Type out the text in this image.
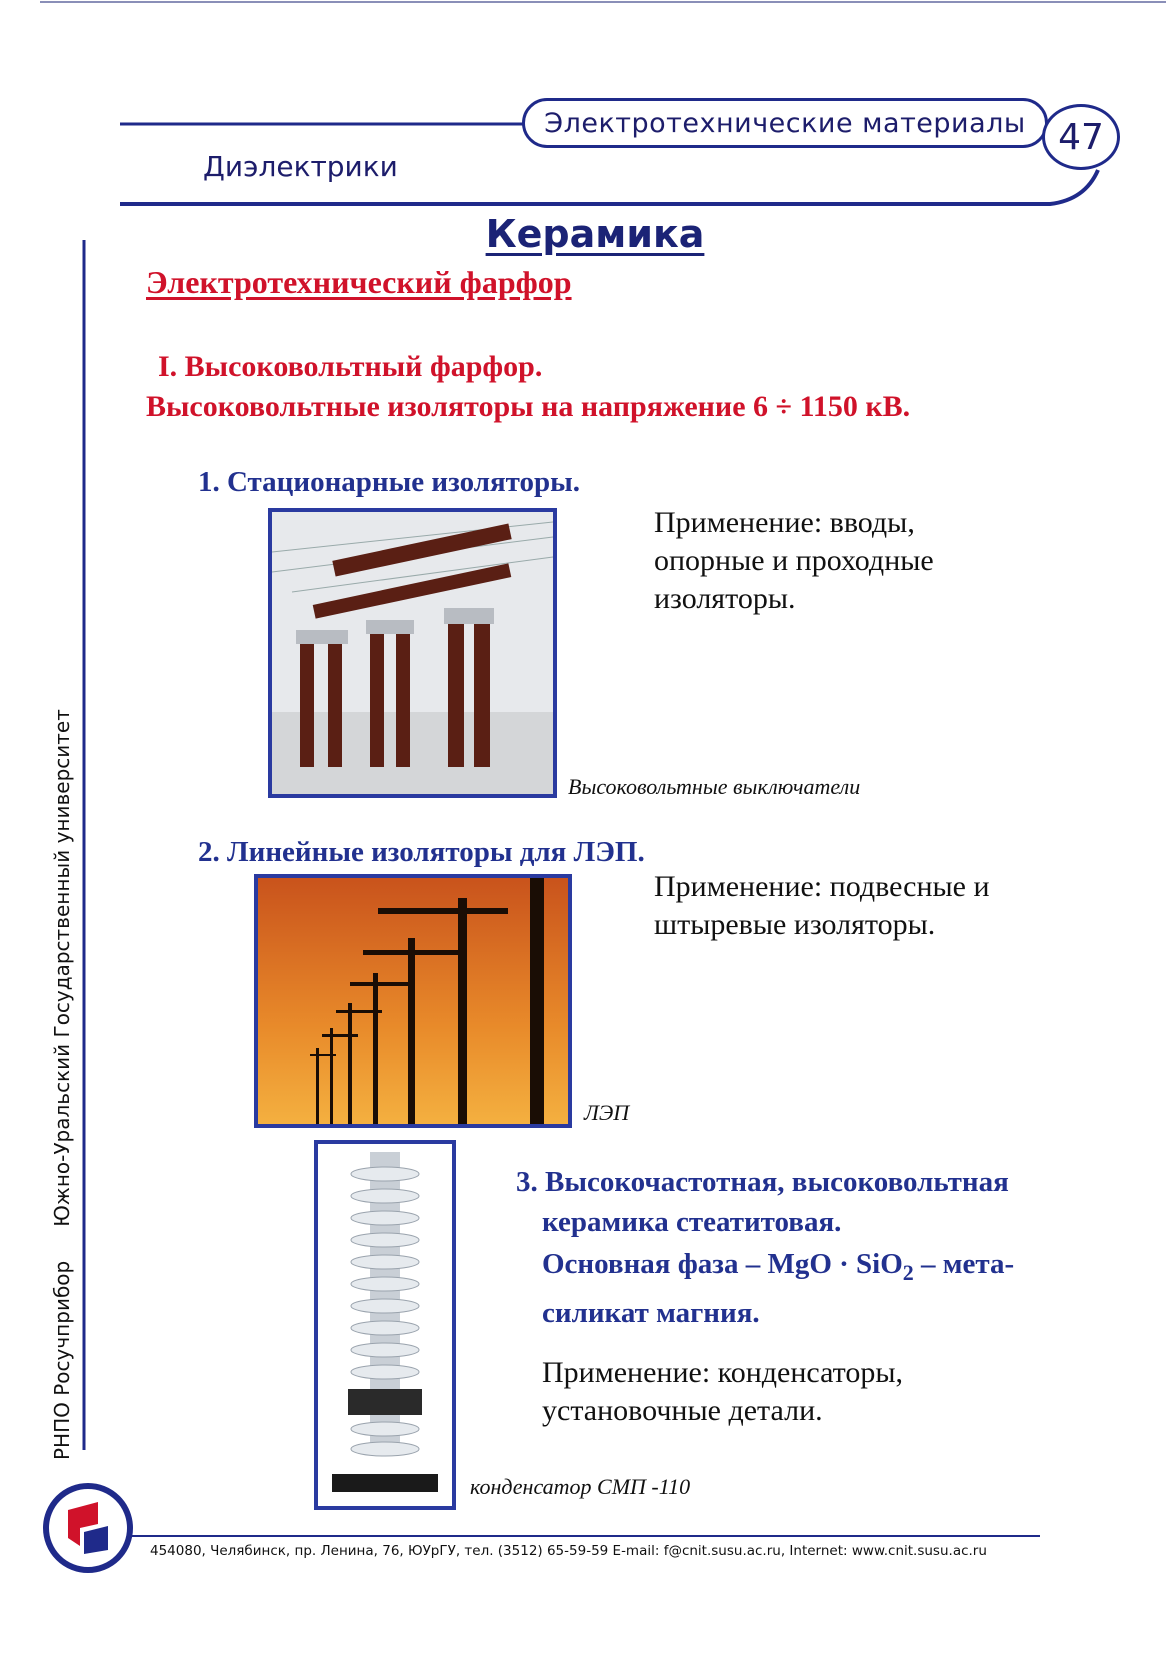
Диэлектрики
Электротехнические материалы 47
Керамика
Электротехнический фарфор
I. Высоковольтный фарфор.
Высоковольтные изоляторы на напряжение 6 ÷ 1150 кВ.
1. Стационарные изоляторы.
Применение: вводы,
опорные и проходные
изоляторы.
Высоковольтные выключатели
2. Линейные изоляторы для ЛЭП.
Применение: подвесные и
штыревые изоляторы.
ЛЭП
3. Высокочастотная, высоковольтная
керамика стеатитовая.
Основная фаза – MgO · SiO$_2$ – мета-
силикат магния.
Применение: конденсаторы,
установочные детали.
конденсатор СМП -110
РНПО Росучприбор
Южно-Уральский Государственный университет
454080, Челябинск, пр. Ленина, 76, ЮУрГУ, тел. (3512) 65-59-59 E-mail: f@cnit.susu.ac.ru, Internet: www.cnit.susu.ac.ru
